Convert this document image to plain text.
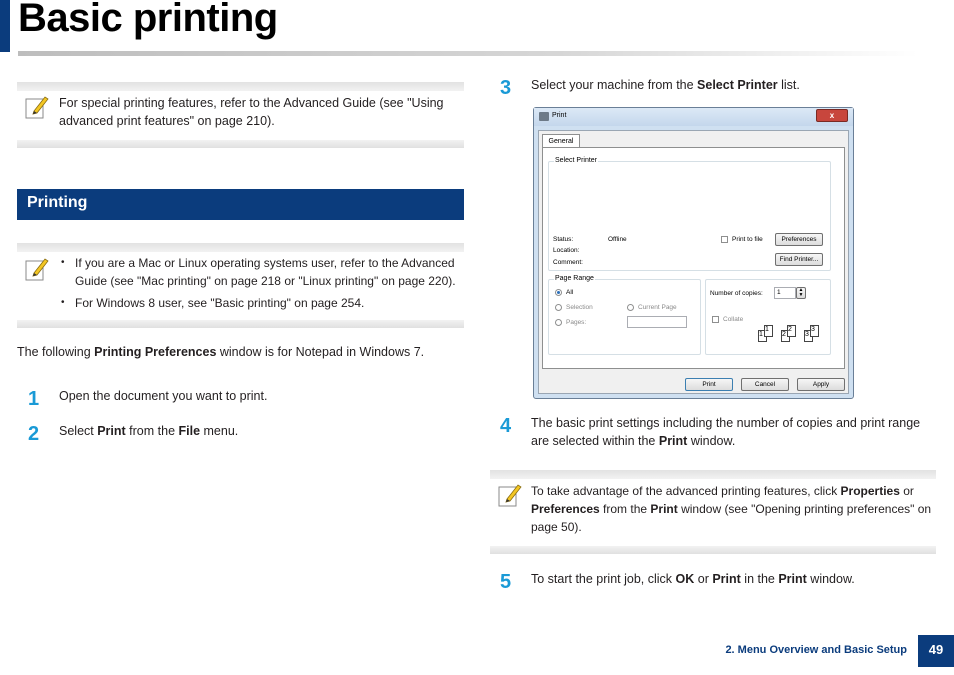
Basic printing
For special printing features, refer to the Advanced Guide (see "Using advanced print features" on page 210).
Printing
• If you are a Mac or Linux operating systems user, refer to the Advanced Guide (see "Mac printing" on page 218 or "Linux printing" on page 220).
• For Windows 8 user, see "Basic printing" on page 254.
The following Printing Preferences window is for Notepad in Windows 7.
1 Open the document you want to print.
2 Select Print from the File menu.
3 Select your machine from the Select Printer list.
Print	x
General
Select Printer
Status:	Offline
Location:
Comment:
Print to file	Preferences
Find Printer...
Page Range
All
Selection	Current Page
Pages:
Number of copies:	1	▲
▼
Collate
1
1
2
2
3
3
Print	Cancel	Apply
4 The basic print settings including the number of copies and print range are selected within the Print window.
To take advantage of the advanced printing features, click Properties or Preferences from the Print window (see "Opening printing preferences" on page 50).
5 To start the print job, click OK or Print in the Print window.
2. Menu Overview and Basic Setup	49
